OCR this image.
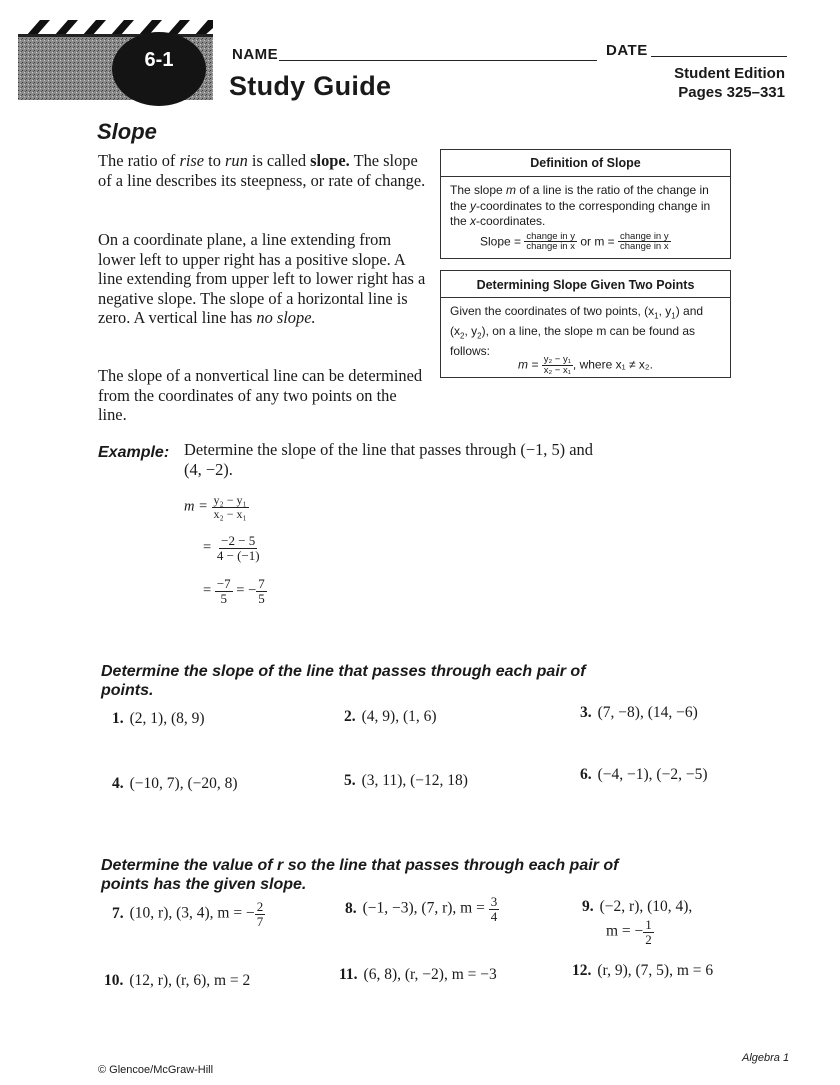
6-1	NAME	DATE
Study Guide	Student Edition
Pages 325–331
Slope
The ratio of rise to run is called slope. The slope of a line describes its steepness, or rate of change.
On a coordinate plane, a line extending from lower left to upper right has a positive slope. A line extending from upper left to lower right has a negative slope. The slope of a horizontal line is zero. A vertical line has no slope.
The slope of a nonvertical line can be determined from the coordinates of any two points on the line.
Definition of Slope
The slope m of a line is the ratio of the change in the y-coordinates to the corresponding change in the x-coordinates.
Slope = $\frac{\text{change in y}}{\text{change in x}}$ or $m = \frac{\text{change in y}}{\text{change in x}}$
Determining Slope Given Two Points
Given the coordinates of two points, ($x_1$, $y_1$) and
($x_2$, $y_2$), on a line, the slope m can be found as
follows:
$m = \frac{\text{y₂ − y₁}}{\text{x₂ − x₁}}$ , where x₁ ≠ x₂.
Example: Determine the slope of the line that passes through (−1, 5) and (4, −2).
$m = \frac{\text{y₂ − y₁}}{\text{x₂ − x₁}}$
= $\frac{-2 - 5}{4 - (-1)}$
= $\frac{-7}{5}$ = − $\frac{7}{5}$
Determine the slope of the line that passes through each pair of points.
1. (2, 1), (8, 9)	2. (4, 9), (1, 6)	3. (7, −8), (14, −6)
4. (−10, 7), (−20, 8)	5. (3, 11), (−12, 18)	6. (−4, −1), (−2, −5)
Determine the value of r so the line that passes through each pair of points has the given slope.
7. (10, r), (3, 4), m = − $\frac{2}{7}$	8. (−1, −3), (7, r), $m = \frac{3}{4}$	9. (−2, r), (10, 4),
m = − $\frac{1}{2}$
10. (12, r), (r, 6), m = 2	11. (6, 8), (r, −2), m = −3	12. (r, 9), (7, 5), m = 6
© Glencoe/McGraw-Hill
Algebra 1
